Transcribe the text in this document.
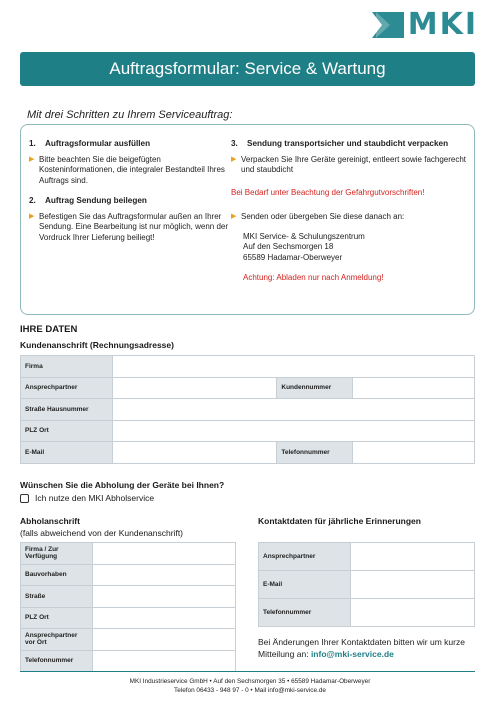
MKI
Auftragsformular: Service & Wartung
Mit drei Schritten zu Ihrem Serviceauftrag:
1.	Auftragsformular ausfüllen
▶ Bitte beachten Sie die beigefügten Kosteninformationen, die integraler Bestandteil Ihres Auftrags sind.
2.	Auftrag Sendung beilegen
▶ Befestigen Sie das Auftragsformular außen an Ihrer Sendung. Eine Bearbeitung ist nur möglich, wenn der Vordruck Ihrer Lieferung beiliegt!
3.	Sendung transportsicher und staubdicht verpacken
▶ Verpacken Sie Ihre Geräte gereinigt, entleert sowie fachgerecht und staubdicht
Bei Bedarf unter Beachtung der Gefahrgutvorschriften!
▶ Senden oder übergeben Sie diese danach an:
MKI Service- & Schulungszentrum
Auf den Sechsmorgen 18
65589 Hadamar-Oberweyer
Achtung: Abladen nur nach Anmeldung!
IHRE DATEN
Kundenanschrift (Rechnungsadresse)
Firma			
Ansprechpartner		Kundennummer	
Straße Hausnummer			
PLZ Ort			
E-Mail		Telefonnummer	
Wünschen Sie die Abholung der Geräte bei Ihnen?
Ich nutze den MKI Abholservice
Abholanschrift
(falls abweichend von der Kundenanschrift)
Firma / Zur Verfügung	
Bauvorhaben	
Straße	
PLZ Ort	
Ansprechpartner vor Ort	
Telefonnummer	
Kontaktdaten für jährliche Erinnerungen
Ansprechpartner	
E-Mail	
Telefonnummer	
Bei Änderungen Ihrer Kontaktdaten bitten wir um kurze Mitteilung an: info@mki-service.de
MKI Industrieservice GmbH • Auf den Sechsmorgen 35 • 65589 Hadamar-Oberweyer
Telefon 06433 - 948 97 - 0 • Mail info@mki-service.de
